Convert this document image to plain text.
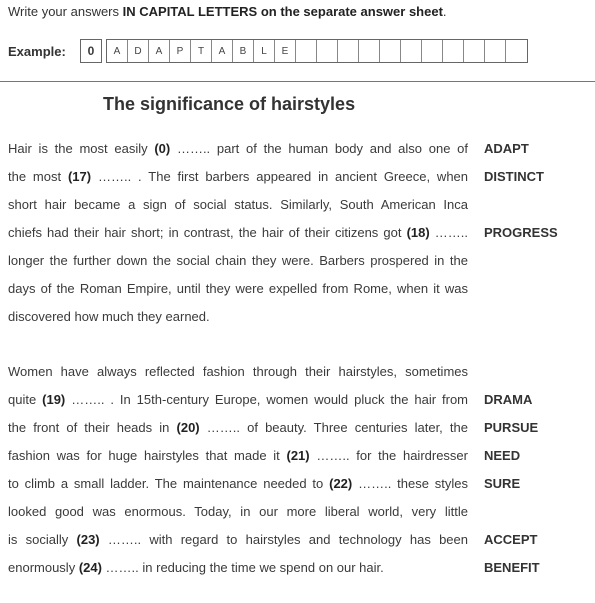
Write your answers IN CAPITAL LETTERS on the separate answer sheet.
Example:	0	A	D	A	P	T	A	B	L	E
The significance of hairstyles
Hair is the most easily (0) …….. part of the human body and also one of
the most (17) …….. . The first barbers appeared in ancient Greece, when
short hair became a sign of social status. Similarly, South American Inca
chiefs had their hair short; in contrast, the hair of their citizens got (18) ……..
longer the further down the social chain they were. Barbers prospered in the
days of the Roman Empire, until they were expelled from Rome, when it was
discovered how much they earned.
Women have always reflected fashion through their hairstyles, sometimes
quite (19) …….. . In 15th-century Europe, women would pluck the hair from
the front of their heads in (20) …….. of beauty. Three centuries later, the
fashion was for huge hairstyles that made it (21) …….. for the hairdresser
to climb a small ladder. The maintenance needed to (22) …….. these styles
looked good was enormous. Today, in our more liberal world, very little
is socially (23) …….. with regard to hairstyles and technology has been
enormously (24) …….. in reducing the time we spend on our hair.
ADAPT
DISTINCT
PROGRESS
DRAMA
PURSUE
NEED
SURE
ACCEPT
BENEFIT
